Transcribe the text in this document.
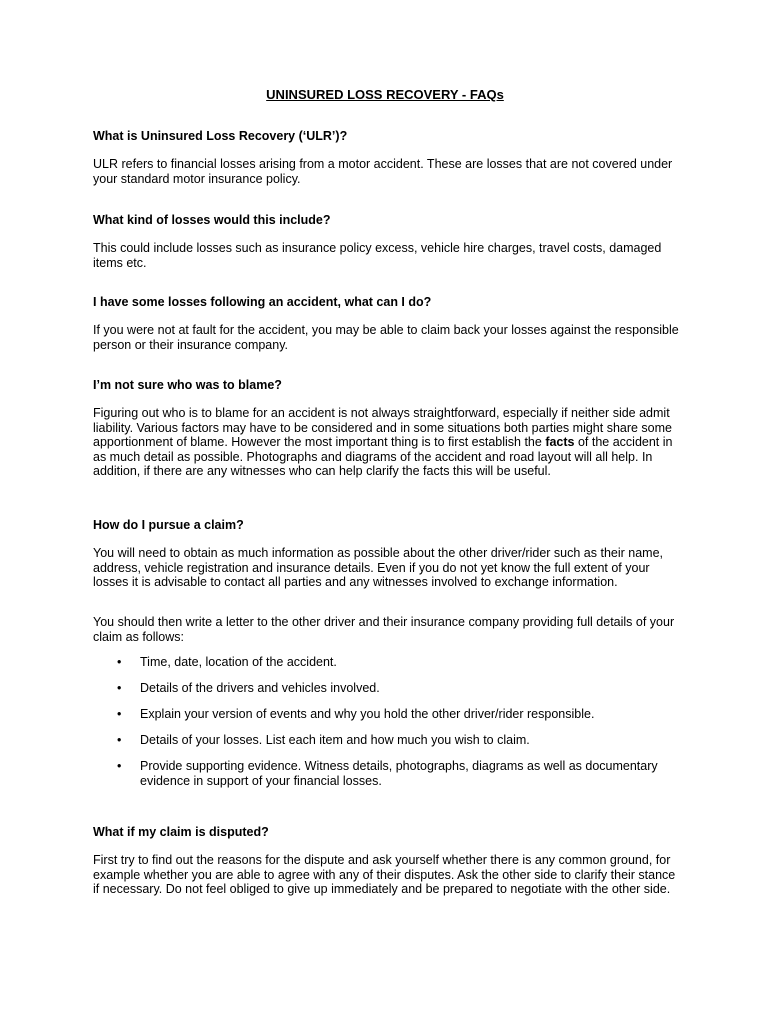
UNINSURED LOSS RECOVERY - FAQs
What is Uninsured Loss Recovery (‘ULR’)?

ULR refers to financial losses arising from a motor accident. These are losses that are not covered under your standard motor insurance policy.

What kind of losses would this include?

This could include losses such as insurance policy excess, vehicle hire charges, travel costs, damaged items etc.

I have some losses following an accident, what can I do?

If you were not at fault for the accident, you may be able to claim back your losses against the responsible person or their insurance company.

I’m not sure who was to blame?

Figuring out who is to blame for an accident is not always straightforward, especially if neither side admit liability. Various factors may have to be considered and in some situations both parties might share some apportionment of blame. However the most important thing is to first establish the facts of the accident in as much detail as possible. Photographs and diagrams of the accident and road layout will all help. In addition, if there are any witnesses who can help clarify the facts this will be useful.

How do I pursue a claim?

You will need to obtain as much information as possible about the other driver/rider such as their name, address, vehicle registration and insurance details. Even if you do not yet know the full extent of your losses it is advisable to contact all parties and any witnesses involved to exchange information.

You should then write a letter to the other driver and their insurance company providing full details of your claim as follows:

• Time, date, location of the accident.

• Details of the drivers and vehicles involved.

• Explain your version of events and why you hold the other driver/rider responsible.

• Details of your losses. List each item and how much you wish to claim.

• Provide supporting evidence. Witness details, photographs, diagrams as well as documentary evidence in support of your financial losses.

What if my claim is disputed?

First try to find out the reasons for the dispute and ask yourself whether there is any common ground, for example whether you are able to agree with any of their disputes. Ask the other side to clarify their stance if necessary. Do not feel obliged to give up immediately and be prepared to negotiate with the other side.
